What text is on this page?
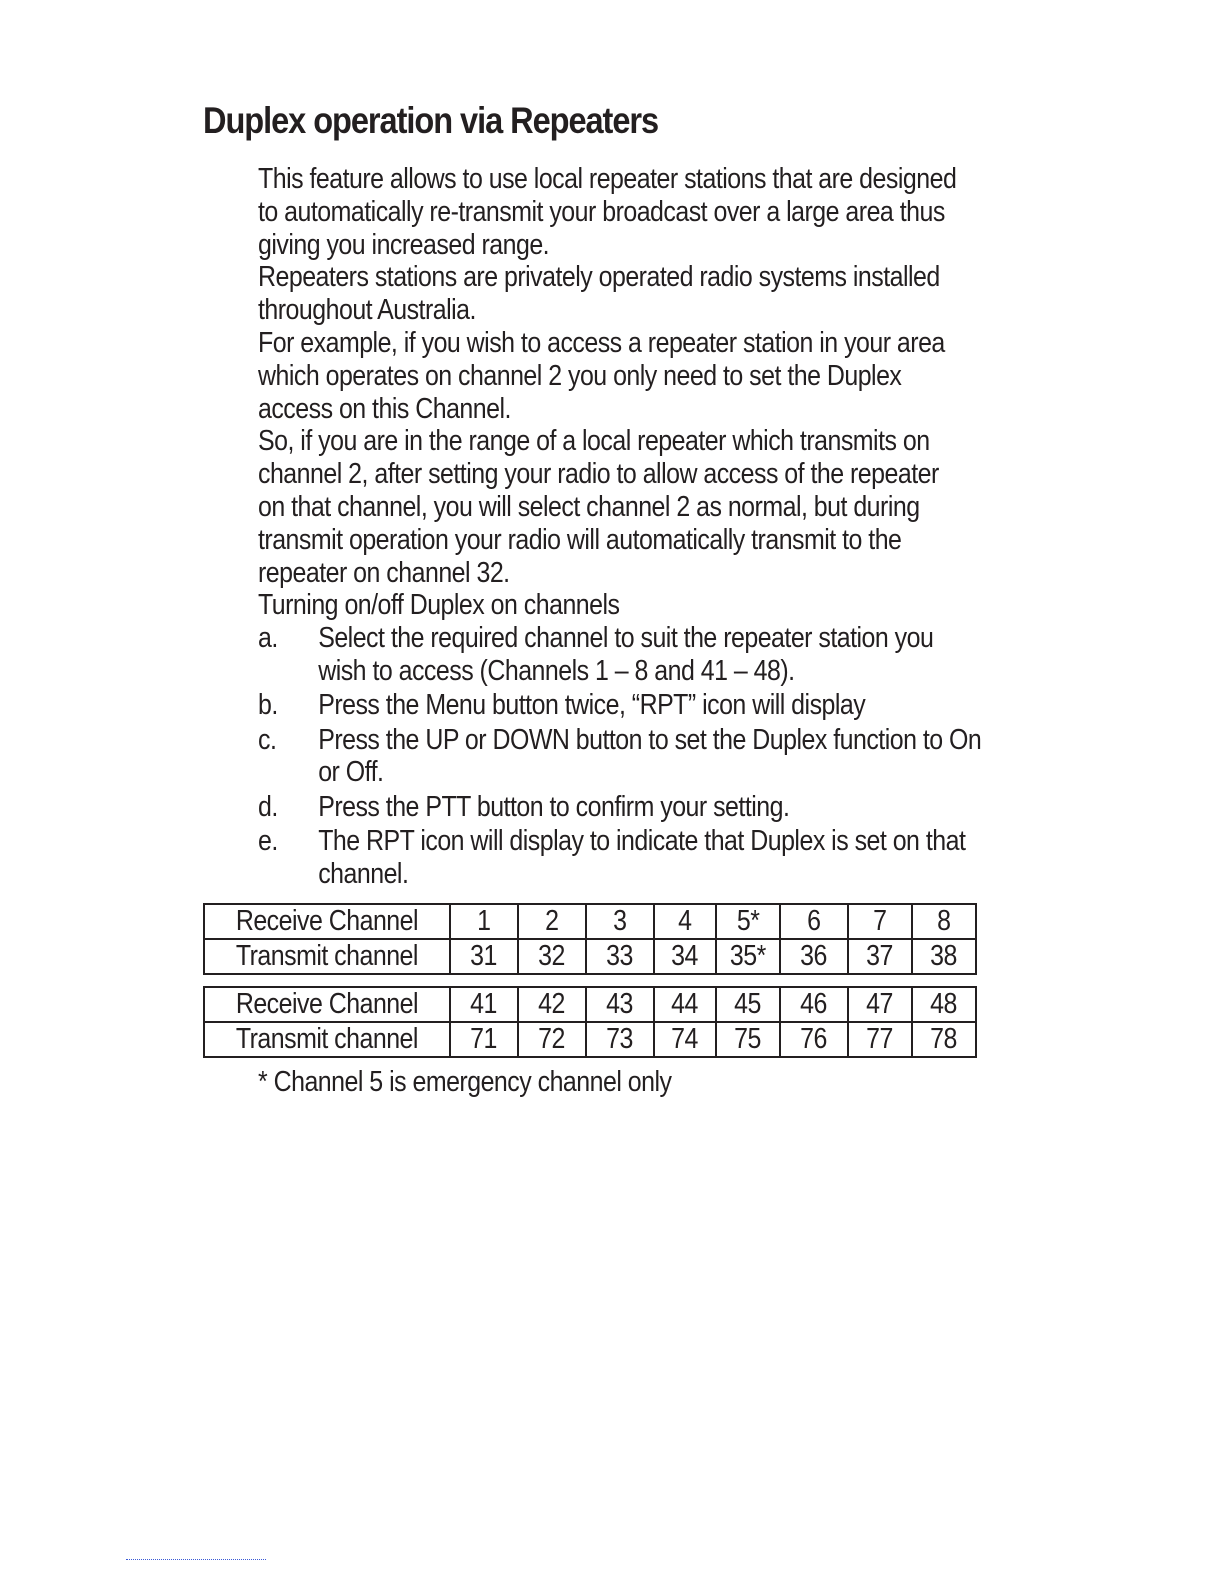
Duplex operation via Repeaters

This feature allows to use local repeater stations that are designed

to automatically re-transmit your broadcast over a large area thus

giving you increased range.

Repeaters stations are privately operated radio systems installed

throughout Australia.

For example, if you wish to access a repeater station in your area

which operates on channel 2 you only need to set the Duplex

access on this Channel.

So, if you are in the range of a local repeater which transmits on

channel 2, after setting your radio to allow access of the repeater

on that channel, you will select channel 2 as normal, but during

transmit operation your radio will automatically transmit to the

repeater on channel 32.

Turning on/off Duplex on channels

a.	Select the required channel to suit the repeater station you
wish to access (Channels 1 – 8 and 41 – 48).
b.	Press the Menu button twice, “RPT” icon will display
c.	Press the UP or DOWN button to set the Duplex function to On
or Off.
d.	Press the PTT button to confirm your setting.
e.	The RPT icon will display to indicate that Duplex is set on that
channel.
Receive Channel	1	2	3	4	5*	6	7	8
Transmit channel	31	32	33	34	35*	36	37	38
Receive Channel	41	42	43	44	45	46	47	48
Transmit channel	71	72	73	74	75	76	77	78

* Channel 5 is emergency channel only
